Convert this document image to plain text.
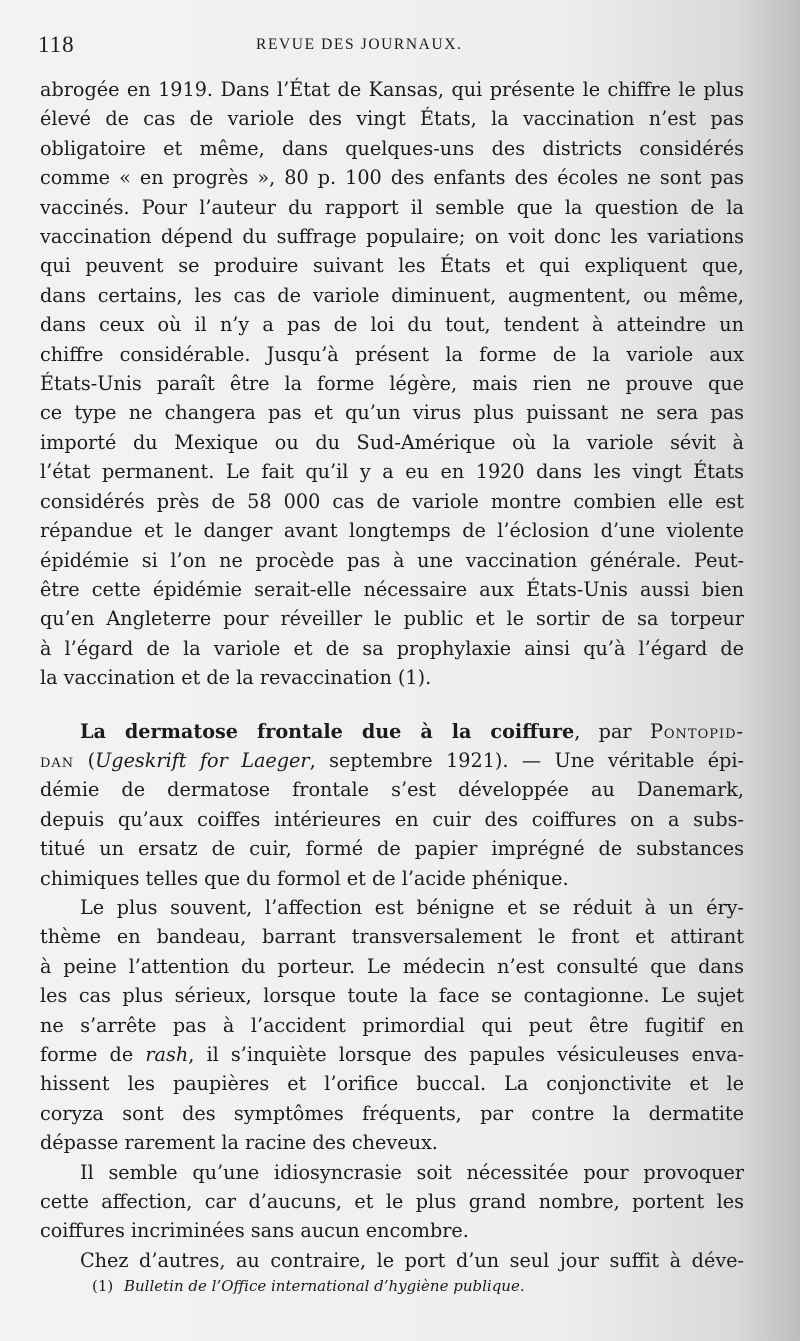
118	REVUE DES JOURNAUX.
abrogée en 1919. Dans l’État de Kansas, qui présente le chiffre le plus
élevé de cas de variole des vingt États, la vaccination n’est pas
obligatoire et même, dans quelques-uns des districts considérés
comme « en progrès », 80 p. 100 des enfants des écoles ne sont pas
vaccinés. Pour l’auteur du rapport il semble que la question de la
vaccination dépend du suffrage populaire; on voit donc les variations
qui peuvent se produire suivant les États et qui expliquent que,
dans certains, les cas de variole diminuent, augmentent, ou même,
dans ceux où il n’y a pas de loi du tout, tendent à atteindre un
chiffre considérable. Jusqu’à présent la forme de la variole aux
États-Unis paraît être la forme légère, mais rien ne prouve que
ce type ne changera pas et qu’un virus plus puissant ne sera pas
importé du Mexique ou du Sud-Amérique où la variole sévit à
l’état permanent. Le fait qu’il y a eu en 1920 dans les vingt États
considérés près de 58 000 cas de variole montre combien elle est
répandue et le danger avant longtemps de l’éclosion d’une violente
épidémie si l’on ne procède pas à une vaccination générale. Peut-
être cette épidémie serait-elle nécessaire aux États-Unis aussi bien
qu’en Angleterre pour réveiller le public et le sortir de sa torpeur
à l’égard de la variole et de sa prophylaxie ainsi qu’à l’égard de
la vaccination et de la revaccination (1).
La dermatose frontale due à la coiffure, par Pontopid-
dan (Ugeskrift for Laeger, septembre 1921). — Une véritable épi-
démie de dermatose frontale s’est développée au Danemark,
depuis qu’aux coiffes intérieures en cuir des coiffures on a subs-
titué un ersatz de cuir, formé de papier imprégné de substances
chimiques telles que du formol et de l’acide phénique.
Le plus souvent, l’affection est bénigne et se réduit à un éry-
thème en bandeau, barrant transversalement le front et attirant
à peine l’attention du porteur. Le médecin n’est consulté que dans
les cas plus sérieux, lorsque toute la face se contagionne. Le sujet
ne s’arrête pas à l’accident primordial qui peut être fugitif en
forme de rash, il s’inquiète lorsque des papules vésiculeuses enva-
hissent les paupières et l’orifice buccal. La conjonctivite et le
coryza sont des symptômes fréquents, par contre la dermatite
dépasse rarement la racine des cheveux.
Il semble qu’une idiosyncrasie soit nécessitée pour provoquer
cette affection, car d’aucuns, et le plus grand nombre, portent les
coiffures incriminées sans aucun encombre.
Chez d’autres, au contraire, le port d’un seul jour suffit à déve-
(1) Bulletin de l’Office international d’hygiène publique.
